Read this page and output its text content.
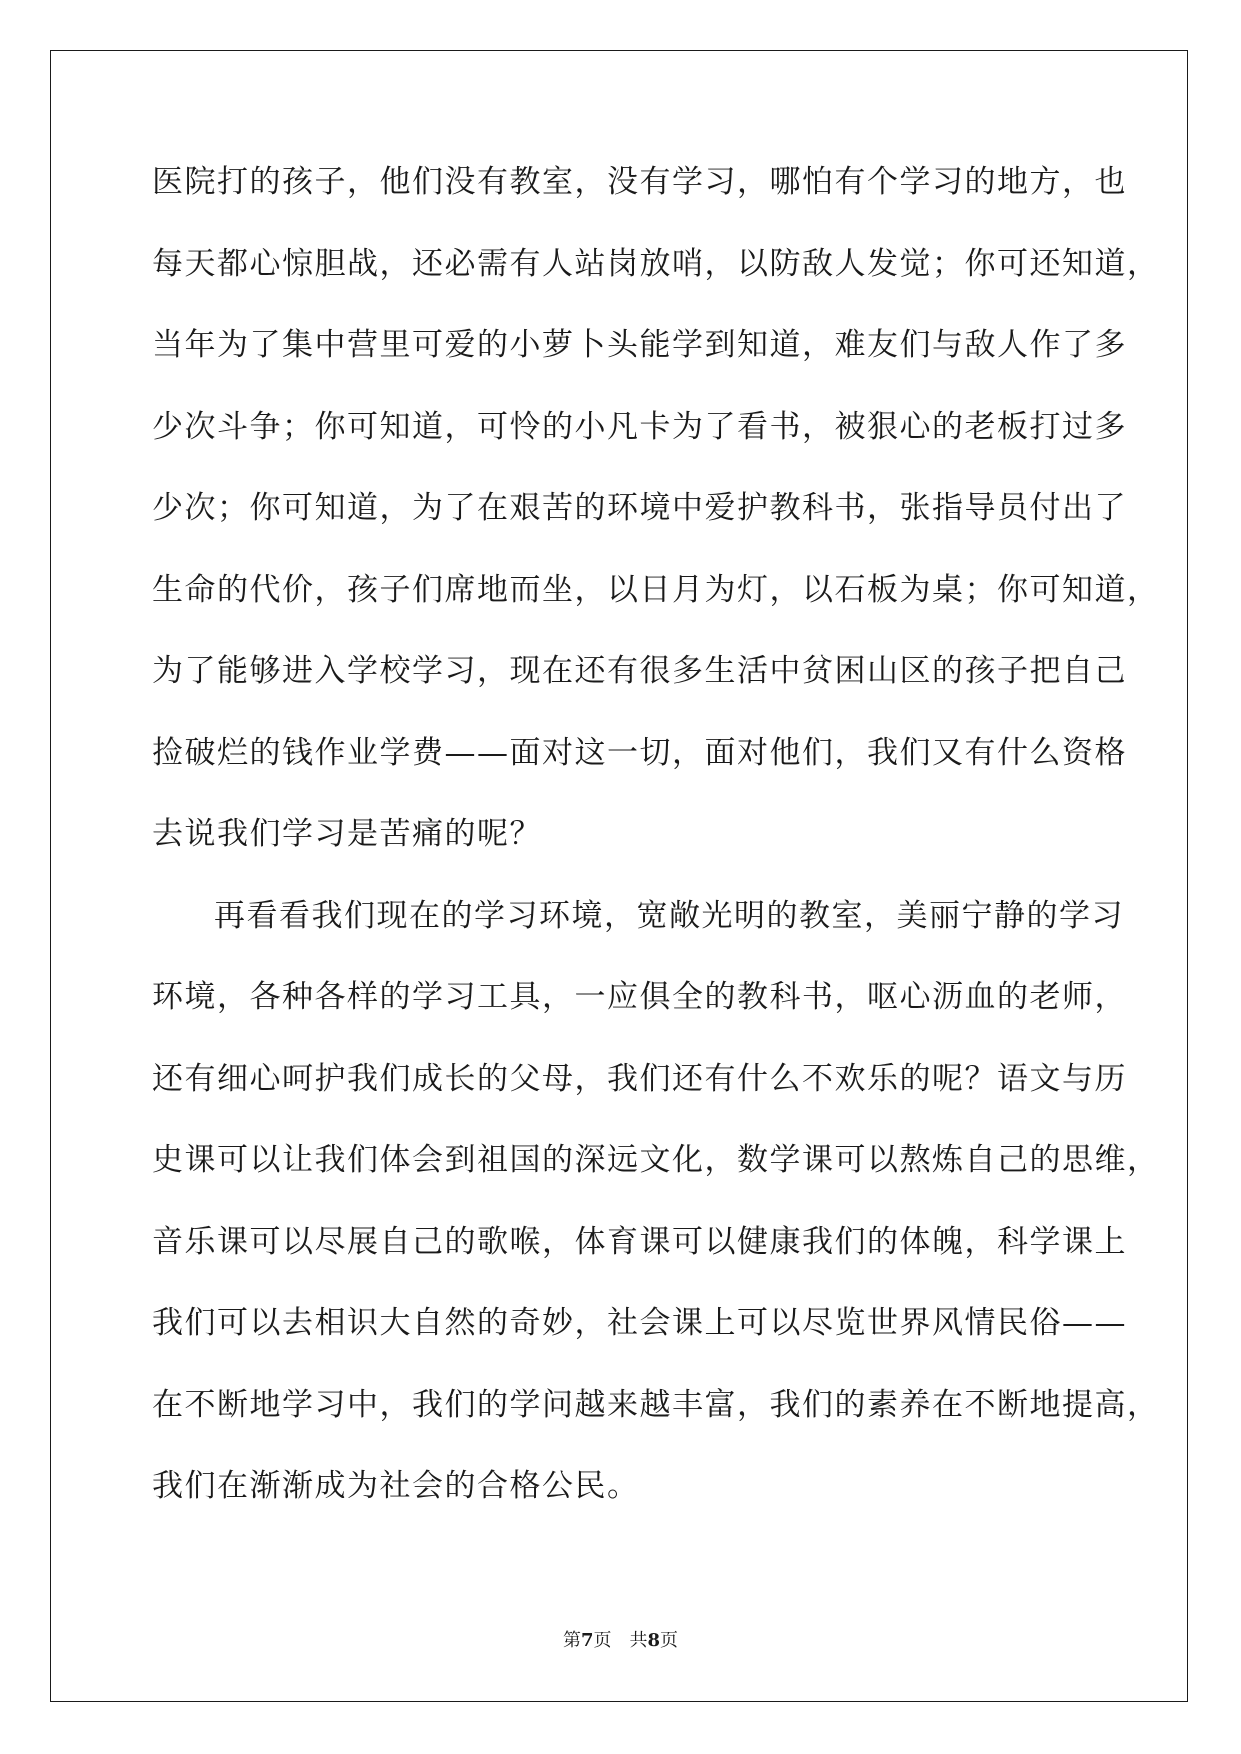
医院打的孩子，他们没有教室，没有学习，哪怕有个学习的地方，也
每天都心惊胆战，还必需有人站岗放哨，以防敌人发觉；你可还知道，
当年为了集中营里可爱的小萝卜头能学到知道，难友们与敌人作了多
少次斗争；你可知道，可怜的小凡卡为了看书，被狠心的老板打过多
少次；你可知道，为了在艰苦的环境中爱护教科书，张指导员付出了
生命的代价，孩子们席地而坐，以日月为灯，以石板为桌；你可知道，
为了能够进入学校学习，现在还有很多生活中贫困山区的孩子把自己
捡破烂的钱作业学费——面对这一切，面对他们，我们又有什么资格
去说我们学习是苦痛的呢？
再看看我们现在的学习环境，宽敞光明的教室，美丽宁静的学习
环境，各种各样的学习工具，一应俱全的教科书，呕心沥血的老师，
还有细心呵护我们成长的父母，我们还有什么不欢乐的呢？语文与历
史课可以让我们体会到祖国的深远文化，数学课可以熬炼自己的思维，
音乐课可以尽展自己的歌喉，体育课可以健康我们的体魄，科学课上
我们可以去相识大自然的奇妙，社会课上可以尽览世界风情民俗——
在不断地学习中，我们的学问越来越丰富，我们的素养在不断地提高，
我们在渐渐成为社会的合格公民。
第7页　共8页
